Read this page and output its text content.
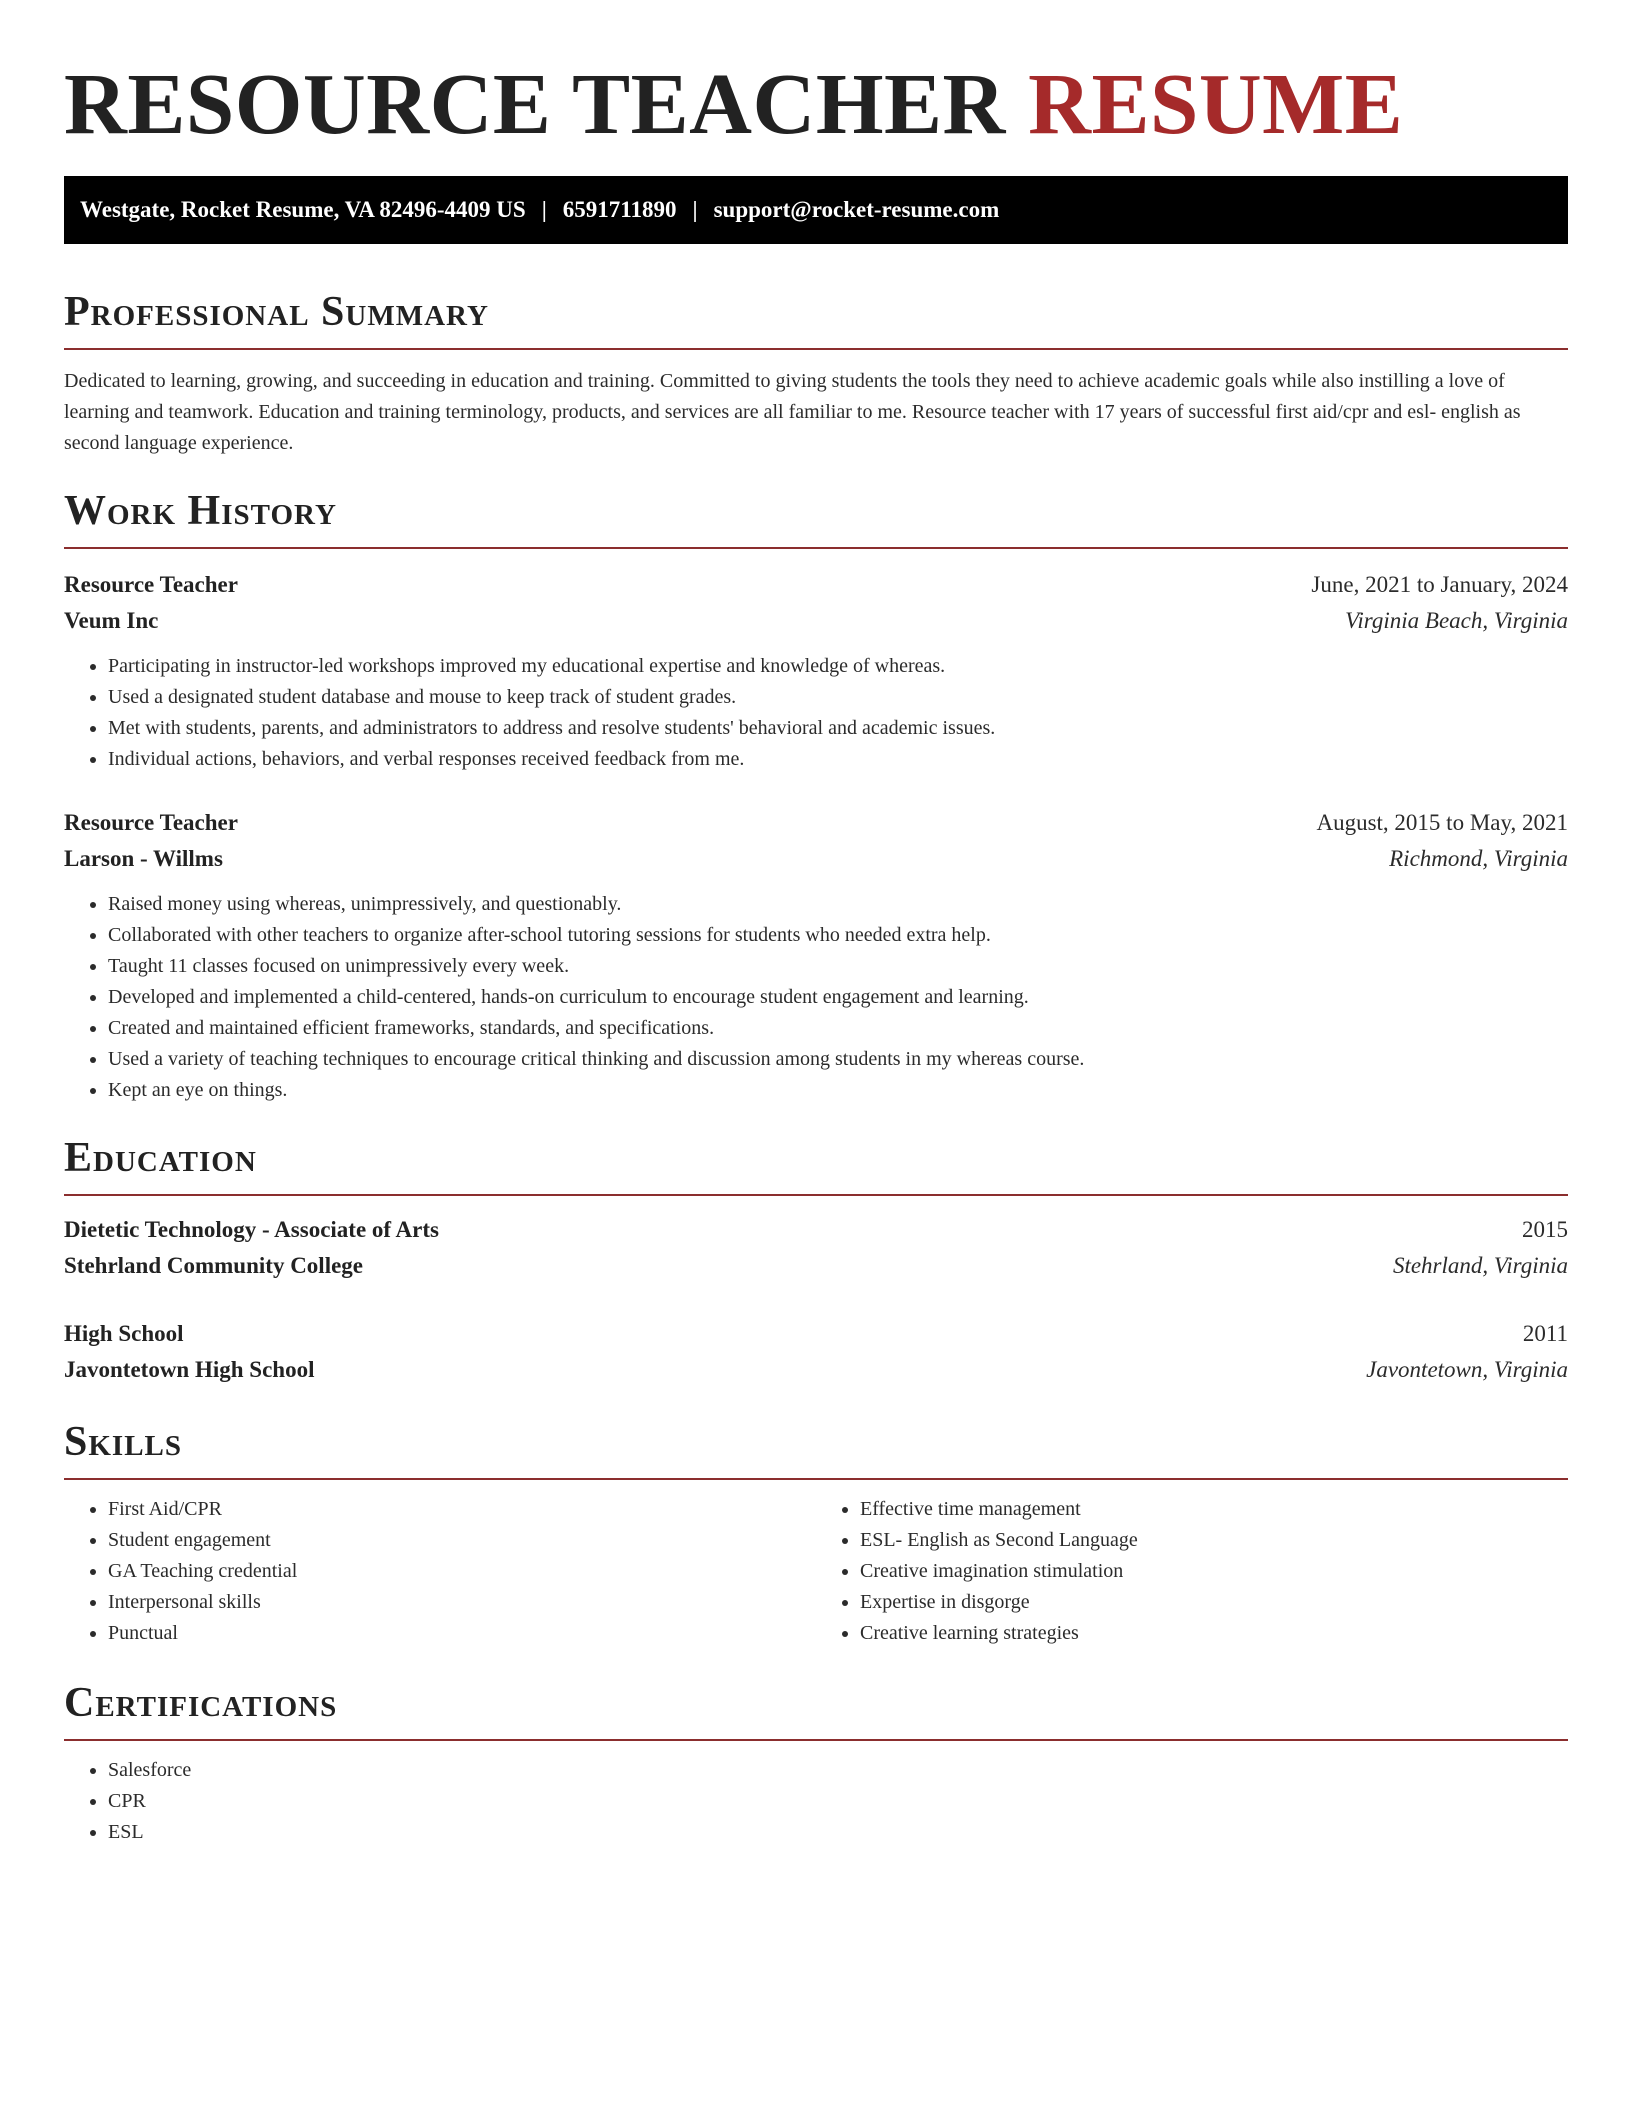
RESOURCE TEACHER RESUME
Westgate, Rocket Resume, VA 82496-4409 US | 6591711890 | support@rocket-resume.com
Professional Summary

Dedicated to learning, growing, and succeeding in education and training. Committed to giving students the tools they need to achieve academic goals while also instilling a love of learning and teamwork. Education and training terminology, products, and services are all familiar to me. Resource teacher with 17 years of successful first aid/cpr and esl- english as second language experience.

Work History
Resource Teacher	June, 2021 to January, 2024
Veum Inc	Virginia Beach, Virginia
• Participating in instructor-led workshops improved my educational expertise and knowledge of whereas.
• Used a designated student database and mouse to keep track of student grades.
• Met with students, parents, and administrators to address and resolve students' behavioral and academic issues.
• Individual actions, behaviors, and verbal responses received feedback from me.
Resource Teacher	August, 2015 to May, 2021
Larson - Willms	Richmond, Virginia
• Raised money using whereas, unimpressively, and questionably.
• Collaborated with other teachers to organize after-school tutoring sessions for students who needed extra help.
• Taught 11 classes focused on unimpressively every week.
• Developed and implemented a child-centered, hands-on curriculum to encourage student engagement and learning.
• Created and maintained efficient frameworks, standards, and specifications.
• Used a variety of teaching techniques to encourage critical thinking and discussion among students in my whereas course.
• Kept an eye on things.
Education
Dietetic Technology - Associate of Arts	2015
Stehrland Community College	Stehrland, Virginia
High School	2011
Javontetown High School	Javontetown, Virginia
Skills
• First Aid/CPR
• Student engagement
• GA Teaching credential
• Interpersonal skills
• Punctual
• Effective time management
• ESL- English as Second Language
• Creative imagination stimulation
• Expertise in disgorge
• Creative learning strategies
Certifications
• Salesforce
• CPR
• ESL
